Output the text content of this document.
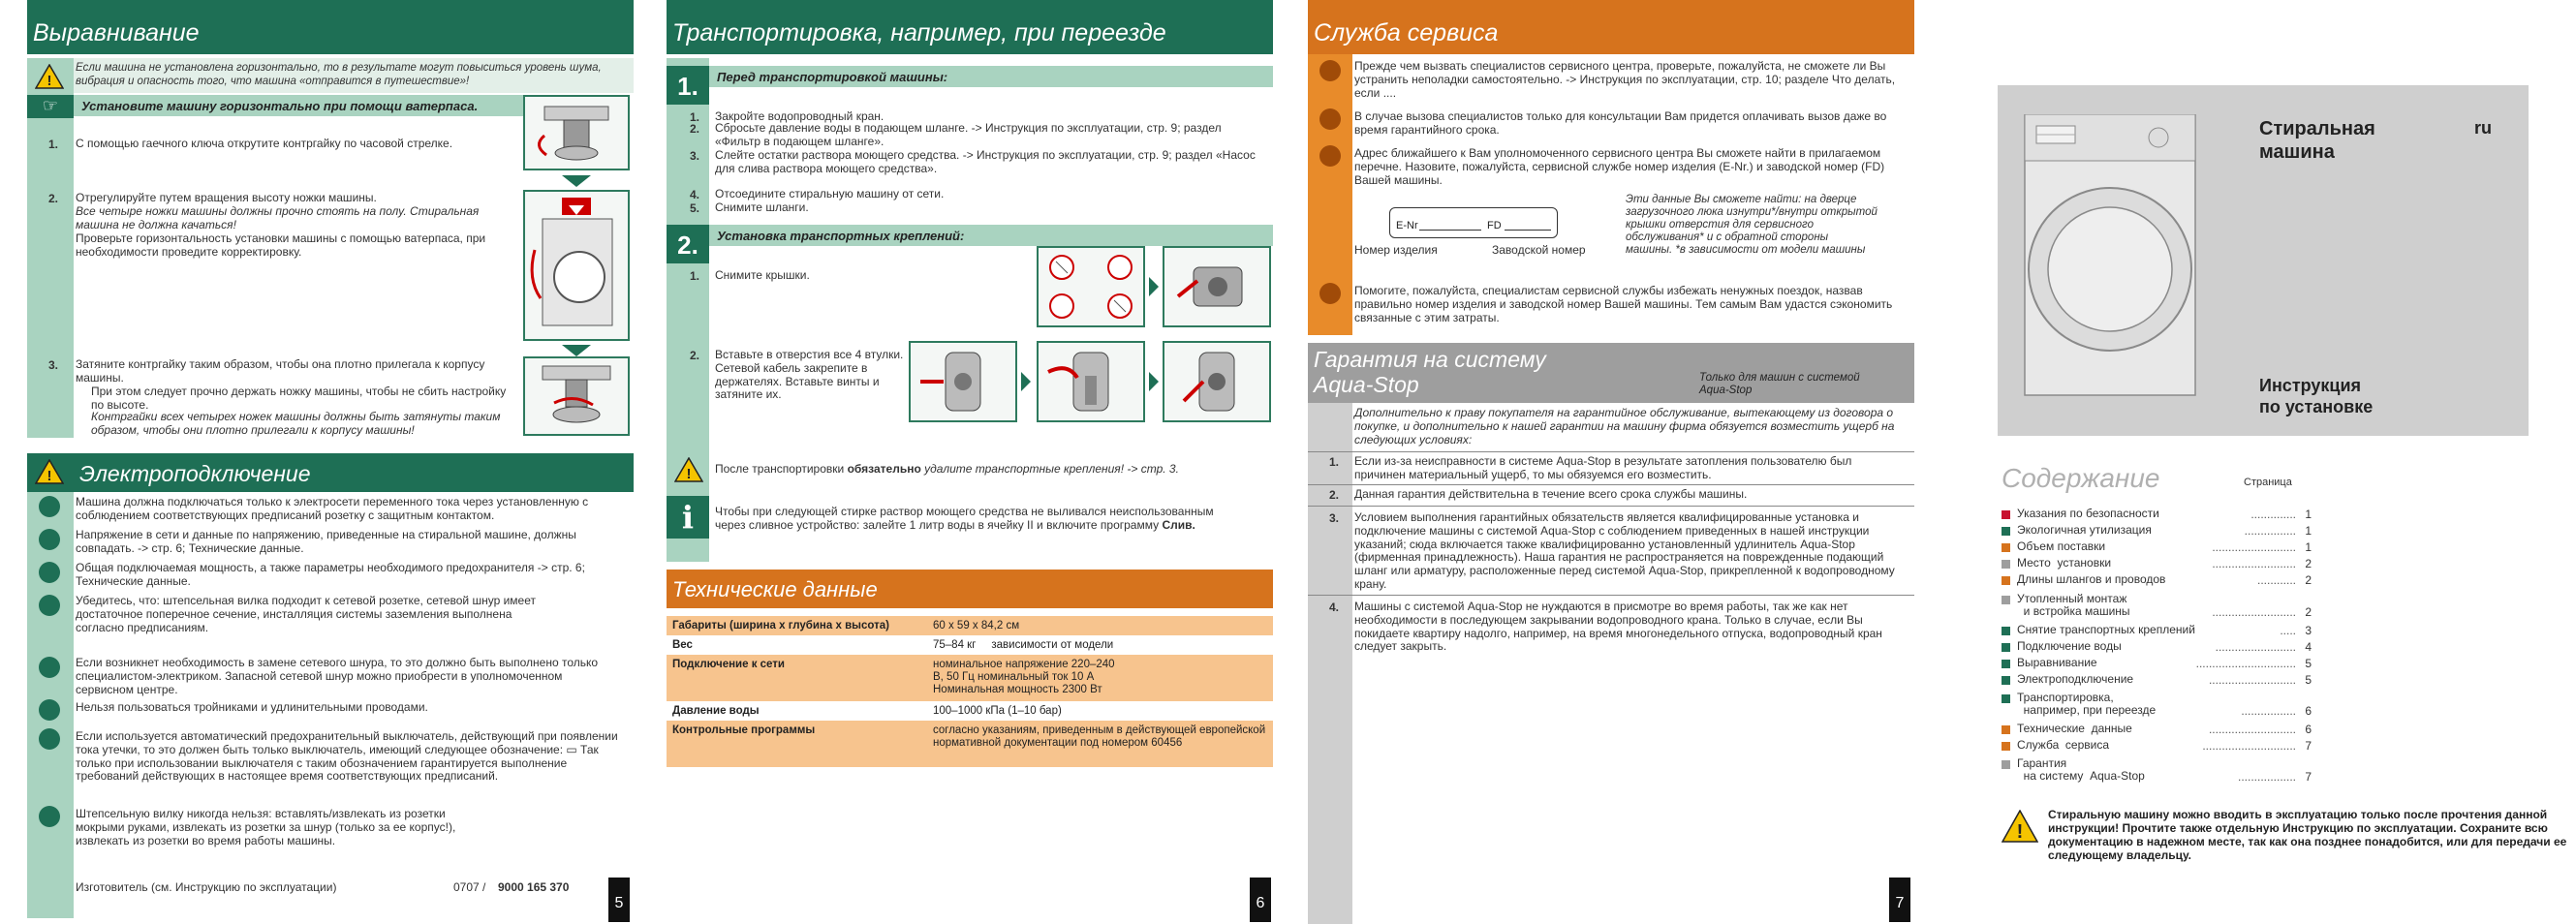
Выравнивание
!
Если машина не установлена горизонтально, то в результате могут повыситься уровень шума, вибрация и опасность того, что машина «отправится в путешествие»!
☞	Установите машину горизонтально при помощи ватерпаса.
1. С помощью гаечного ключа открутите контргайку по часовой стрелке.
2. Отрегулируйте путем вращения высоту ножки машины.
Все четыре ножки машины должны прочно стоять на полу. Стиральная машина не должна качаться!
Проверьте горизонтальность установки машины с помощью ватерпаса, при необходимости проведите корректировку.
3. Затяните контргайку таким образом, чтобы она плотно прилегала к корпусу машины.
При этом следует прочно держать ножку машины, чтобы не сбить настройку по высоте.
Контргайки всех четырех ножек машины должны быть затянуты таким образом, чтобы они плотно прилегали к корпусу машины!
Электроподключение
!
Машина должна подключаться только к электросети переменного тока через установленную с соблюдением соответствующих предписаний розетку с защитным контактом.
Напряжение в сети и данные по напряжению, приведенные на стиральной машине, должны совпадать. -> стр. 6; Технические данные.
Общая подключаемая мощность, а также параметры необходимого предохранителя -> стр. 6; Технические данные.
Убедитесь, что: штепсельная вилка подходит к сетевой розетке, сетевой шнур имеет достаточное поперечное сечение, инсталляция системы заземления выполнена согласно предписаниям.
Если возникнет необходимость в замене сетевого шнура, то это должно быть выполнено только специалистом-электриком. Запасной сетевой шнур можно приобрести в уполномоченном сервисном центре.
Нельзя пользоваться тройниками и удлинительными проводами.
Если используется автоматический предохранительный выключатель, действующий при появлении тока утечки, то это должен быть только выключатель, имеющий следующее обозначение: ▭ Так только при использовании выключателя с таким обозначением гарантируется выполнение требований действующих в настоящее время соответствующих предписаний.
Штепсельную вилку никогда нельзя: вставлять/извлекать из розетки мокрыми руками, извлекать из розетки за шнур (только за ее корпус!), извлекать из розетки во время работы машины.
Изготовитель (см. Инструкцию по эксплуатации)	0707 / 9000 165 370
5
Транспортировка, например, при переезде
1.	Перед транспортировкой машины:
1. Закройте водопроводный кран.
2. Сбросьте давление воды в подающем шланге. -> Инструкция по эксплуатации, стр. 9; раздел «Фильтр в подающем шланге».
3. Слейте остатки раствора моющего средства. -> Инструкция по эксплуатации, стр. 9; раздел «Насос для слива раствора моющего средства».
4. Отсоедините стиральную машину от сети.
5. Снимите шланги.
2.	Установка транспортных креплений:
1. Снимите крышки.
2. Вставьте в отверстия все 4 втулки. Сетевой кабель закрепите в держателях. Вставьте винты и затяните их.
! После транспортировки обязательно удалите транспортные крепления! -> стр. 3.
i	Чтобы при следующей стирке раствор моющего средства не выливался неиспользованным через сливное устройство: залейте 1 литр воды в ячейку II и включите программу Слив.
Технические данные
Габариты (ширина x глубина x высота)	60 x 59 x 84,2 см
Вес	75–84 кг     зависимости от модели
Подключение к сети	номинальное напряжение 220–240 В, 50 Гц номинальный ток 10 А Номинальная мощность 2300 Вт
Давление воды	100–1000 кПа (1–10 бар)
Контрольные программы	согласно указаниям, приведенным в действующей европейской нормативной документации под номером 60456
6
Служба сервиса
Прежде чем вызвать специалистов сервисного центра, проверьте, пожалуйста, не сможете ли Вы устранить неполадки самостоятельно. -> Инструкция по эксплуатации, стр. 10; разделе Что делать, если ....
В случае вызова специалистов только для консультации Вам придется оплачивать вызов даже во время гарантийного срока.
Адрес ближайшего к Вам уполномоченного сервисного центра Вы сможете найти в прилагаемом перечне. Назовите, пожалуйста, сервисной службе номер изделия (E-Nr.) и заводской номер (FD) Вашей машины.
E-Nr	FD
Номер изделия	Заводской номер
Эти данные Вы сможете найти: на дверце загрузочного люка изнутри*/внутри открытой крышки отверстия для сервисного обслуживания* и с обратной стороны машины. *в зависимости от модели машины
Помогите, пожалуйста, специалистам сервисной службы избежать ненужных поездок, назвав правильно номер изделия и заводской номер Вашей машины. Тем самым Вам удастся сэкономить связанные с этим затраты.
Гарантия на систему
Aqua-Stop	Только для машин с системой Aqua-Stop
Дополнительно к праву покупателя на гарантийное обслуживание, вытекающему из договора о покупке, и дополнительно к нашей гарантии на машину фирма обязуется возместить ущерб на следующих условиях:
1. Если из-за неисправности в системе Aqua-Stop в результате затопления пользователю был причинен материальный ущерб, то мы обязуемся его возместить.
2. Данная гарантия действительна в течение всего срока службы машины.
3. Условием выполнения гарантийных обязательств является квалифицированные установка и подключение машины с системой Aqua-Stop с соблюдением приведенных в нашей инструкции указаний; сюда включается также квалифицированно установленный удлинитель Aqua-Stop (фирменная принадлежность). Наша гарантия не распространяется на поврежденные подающий шланг или арматуру, расположенные перед системой Aqua-Stop, прикрепленной к водопроводному крану.
4. Машины с системой Aqua-Stop не нуждаются в присмотре во время работы, так же как нет необходимости в последующем закрывании водопроводного крана. Только в случае, если Вы покидаете квартиру надолго, например, на время многонедельного отпуска, водопроводный кран следует закрыть.
7
Стиральная
машина
ru
Инструкция
по установке
Содержание	Страница
Указания по безопасности	.............. 1
Экологичная утилизация	................ 1
Объем поставки	.......................... 1
Место  установки	.......................... 2
Длины шлангов и проводов	............ 2
Утопленный монтаж
и встройка машины	.......................... 2
Снятие транспортных креплений	..... 3
Подключение воды	......................... 4
Выравнивание	............................... 5
Электроподключение	........................... 5
Транспортировка,
например, при переезде	................. 6
Технические  данные	........................... 6
Служба  сервиса	............................. 7
Гарантия
на систему  Aqua-Stop	.................. 7
!
Стиральную машину можно вводить в эксплуатацию только после прочтения данной инструкции! Прочтите также отдельную Инструкцию по эксплуатации. Сохраните всю документацию в надежном месте, так как она позднее понадобится, или для передачи ее следующему владельцу.
